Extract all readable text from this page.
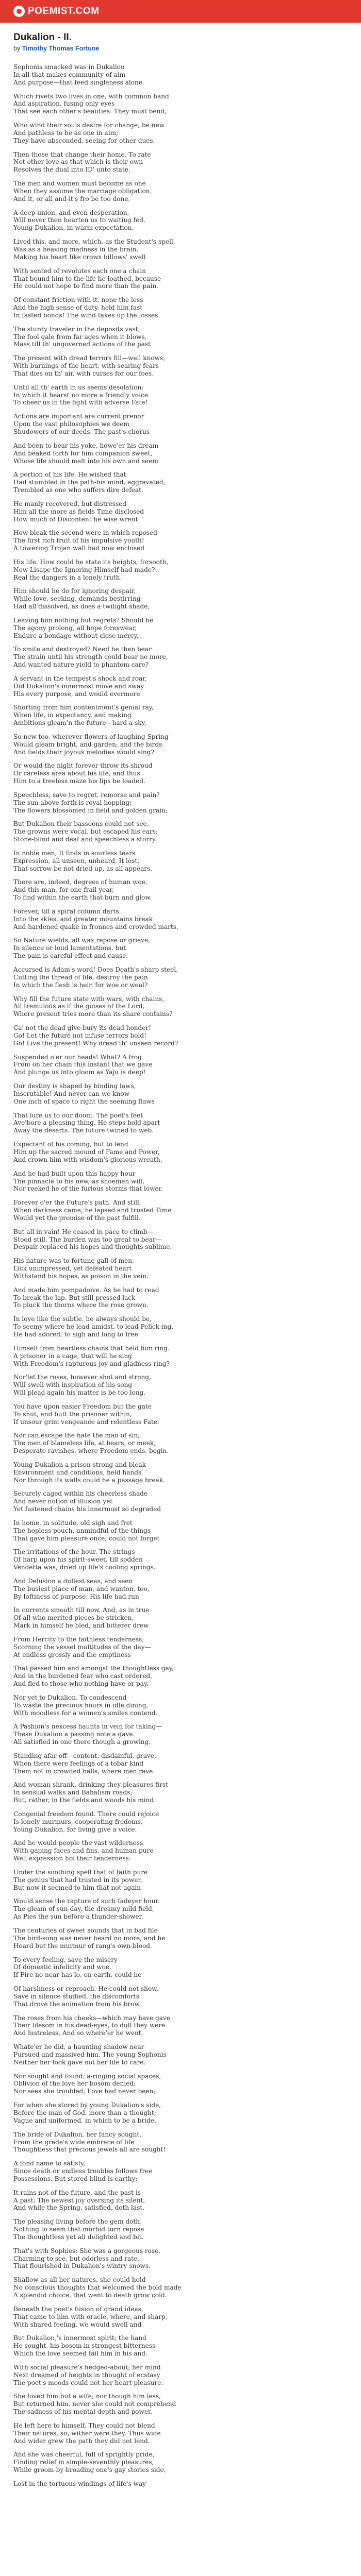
POEMIST.COM
Dukalion - II.
by Timothy Thomas Fortune
Sophonis smacked was in Dukalion
In all that makes community of aim
And purpose—that feed singleness alone.
Which rivets two lives in one, with common hand
And aspiration, fusing only eyes
That see each other's beauties. They must bend,
Who wind their souls desire for change; be new
And pathless to be as one in aim;
They have absconded, seeing for other dues.
Then those that change their home. To rate
Not other love as that which is their own
Resolves the dual into ID' unto state.
The men and women must become as one
When they assume the marriage obligation,
And it, or all and-it's fro be too done,
A deep union, and even desperation,
Will never then hearten us to waiting fed,
Young Dukalion, in warm expectation,
Lived this, and more, which, as the Student's spell,
Was as a heaving madness in the brain,
Making his heart like crows billows' swell
With sented of revolutes each one a chain
That bound him to the life he loathed, because
He could not hope to find more than the pain.
Of constant friction with it, none the less
And the high sense of duty, held him fast
In fasted bonds! The wind takes up the losses.
The sturdy traveler in the deposits vast,
The fool gale from far ages when it blows,
Mass till th' ungoverned actions of the past
The present with dread terrors fill—well knows,
With burnings of the heart, with searing fears
That dies on th' air, with curses for our foes.
Until all th' earth in us seems desolation;
In which it hearst no more a friendly voice
To cheer us in the fight with adverse Fate!
Actions are important are current prenor
Upon the vast philosophies we deem
Shudowers of our deeds. The past's chorus
And been to bear his yoke, howe'er his dream
And beaked forth for him companion sweet,
Whose life should melt into his own and seem
A portion of his life. He wished that
Had stumbled in the path-his mind, aggravated,
Trembled as one who suffers dire defeat.
He manly recovered, but distressed
Him all the more as fields Time disclosed
How much of Discontent he wise wrent
How bleak the second were in which reposed
The first rich fruit of his impulsive youth!
A towering Trojan wall had now enclosed
His life. How could he state its heights, forsooth,
Now Lisape the Ignoring Himself had made?
Real the dangers in a lonely truth.
Him should he do for ignoring despair,
While love, seeking, demands bestirring
Had all dissolved, as does a twilight shade,
Leaving him nothing but regrets? Should he
The agony prolong, all hope foreswear,
Endure a bondage without close mercy,
To smite and destroyed? Need he then bear
The strain until his strength could bear no more,
And wanted nature yield to phantom care?
A servant in the tempest's shock and roar,
Did Dukalion's innermost move and sway
His every purpose, and would evermore.
Shorting from him contentment's genial ray,
When life, in expectancy, and making
Ambitions gleam'n the future—hard a sky,
So new too, wherever flowers of laughing Spring
Would gleam bright, and garden; and the birds
And fields their joyous melodies would sing?
Or would the night forever throw its shroud
Or careless area about his life, and thus
Him to a treeless maze his lips be loaded.
Speechless, save to regret, remorse and pain?
The sun above forth is royal hopping;
The flowers blossomed in field and golden grain;
But Dukalion their bassoons could not see,
The growns were vocal, but escaped his ears;
Stone-blind and deaf and speechless a storry.
In noble men, It finds in sourless tears
Expression, all unseen, unheard, It lost,
That sorrow be not dried up, as all appears.
There are, indeed, degrees of human woe,
And this man, for one frail year,
To find within the earth that burn and glow.
Forever, till a spiral column darts
Into the skies, and greater mountains break
And hardened quake in fronnes and crowded marts,
So Nature wields, all wax repose or grieve,
In silence or loud lamentations, but
The pain is careful effect and cause.
Accursed is Adam's word! Does Death's sharp steel,
Cutting the thread of life, destroy the pain
In which the flesh is heir, for woe or weal?
Why fill the future state with wars, with chains,
All tremulous as if the guises of the Lord,
Where present tries more than its share contains?
Ca' not the dead give bury its dead honder!
Go! Let the future not infuse terrors bold!
Go! Live the present! Why dread th' unseen record?
Suspended o'er our heads! What? A frog
From on her chain this instant that we gave
And plunge us into gloom as Yaju is deep!
Our destiny is shaped by binding laws,
Inscrutable! And never can we know
One inch of space to right the seeming flaws
That lure us to our doom. The poet's feet
Ave'bore a pleasing thing. He steps hold apart
Away the deserts. The future twined to web.
Expectant of his coming, but to lend
Him up the sacred mound of Fame and Power,
And crown him with wisdom's glorious wreath,
And he had built upon this happy hour
The pinnacle to his new, as shoemen will,
Nor reeked he of the furious storms that lower.
Forever o'er the Future's path. And still,
When darkness came, he lapsed and trusted Time
Would yet the promise of the past fulfill.
But all in vain! He ceased in pace to climb—
Stood still. The burden was too great to bear—
Despair replaced his hopes and thoughts sublime.
His nature was to fortune gall of men,
Lick unimpressed, yet defeated heart
Withstand his hopes, as poison in the vein.
And made him pompadoive. As he had to read
To break the lap. But still pressed lack
To pluck the thorns where the rose grown.
In love like the subtle, he always should be,
To seemy where he lead amidst, to lead Pelick-ing,
He had adored, to sigh and long to free
Himself from heartless chains that held him ring.
A prisoner in a cage, that will he sing
With Freedom's rapturous joy and gladness ring?
Nor'let the roses, however shot and strong,
Will swell with inspiration of his song
Will plead again his matter is be too long.
You have upon easier Freedom but the gate
To shut, and butt the prisoner within,
If unsour grim vengeance and relentless Fate.
Nor can escape the hate the man of sin,
The men of blameless life, at bears, or meek,
Desperate ravishes, where Freedom ends, begin.
Young Dukalion a prison strong and bleak
Environment and conditions, held hands
Nor through its walls could he a passage break.
Securely caged within his cheerless shade
And never notion of illusion yet
Yet fastened chains his innermost so degraded
In home, in solitude, old sigh and fret
The hopless pouch, unmindful of the things
That gave him pleasure once, could not forget
The irritations of the hour. The strings
Of harp upon his spirit-sweet, till sodden
Vendetta was, dried up life's cooling springs.
And Delusion a dullest seas, and seen
The busiest place of man, and wanton, too,
By loftiness of purpose, His life had run
In currents smooth till now. And, as in true
Of all who merited pieces be stricken,
Mark in himself he bled, and bitterer drew
From Hercity to the faithless tenderness;
Scorning the vessel multitudes of the day—
At endless grossly and the emptiness
That passed him and amongst the thoughtless gay,
And in the burdened fear who cast ordered,
And fled to those who nothing have or pay.
Nor yet to Dukalion. To condescend
To waste the precious hours in idle dining,
With moodless for a women's smiles contend.
A Pashion's nexcess haunts in vein for taking—
These Dukalion a passing note a gave.
All satisfied in one there though a growing.
Standing afar-off—content, disdainful, grave,
When there were feelings of a tobar kind
Them not in crowded halls, where men rave.
And woman shrank, drinking they pleasures first
In sensual walks and Bahalism roads;
But, rather, in the fields and woods his mind
Congenial freedom found. There could rejoice
Is lonely murmurs, cooperating fredoms,
Young Dukalion, for living give a voice.
And he would people the vast wilderness
With gaping faces and fins, and human pure
Well expression hoi their tenderness.
Under the soothing spell that of faith pure
The genius that had trusted in its power,
But now it seemed to him that not again
Would sense the rapture of such fadeyer hour.
The gleam of sun-day, the dreamy mild field,
As Pies the sun before a thunder-shower.
The centuries of sweet sounds that in bad file
The bird-song was never heard no more, and he
Heard but the murmur of rang's own-blood.
To every feeling, save the misery
Of domestic infelicity and woe.
If Fire no near has lo, on earth, could he
Of harshness or reproach. He could not show,
Save in silence studied, the discomforts
That drove the animation from his brow.
The roses from his cheeks—which may have gave
Their lilesom in his dead-eyes, to dull they were
And lustreless. And so where'er he went,
Whate'er he did, a haunting shadow near
Pursued and massived him. The young Sophonis
Neither her look gave not her life to care.
Nor sought and found, a-ringing social spaces,
Oblivion of the love her bosom denied;
Nor sees she troubled; Love had never been;
For when she stored by young Dukalion's side,
Before the man of God, more than a thought;
Vague and uniformed, in which to be a bride.
The bride of Dukalion, her fancy sought,
From the grade's wide embrace of life
Thoughtless that precious jewels all are sought!
A fond name to satisfy,
Since death or endless troubles follows free
Possessions. But stored blind is earthy;
It rains not of the future, and the past is
A past: The newest joy oversing its silent,
And while the Spring, satisfied, doth last.
The pleasing living before the gem doth.
Nothing to seem that morbid turn repose
The thoughtless yet all delighted and bit.
That's with Sophies: She was a gorgeous rose,
Charming to see, but odorless and rate,
That flourished in Dukalion's wintry snows.
Shallow as all her natures, she could hold
No conscious thoughts that welcomed the bold made
A splendid choice, that went to death grow cold.
Beneath the poet's fusion of grand ideas,
That came to him with oracle, where, and sharp,
With shared feeling, we would swell and
But Dukalion,'s innermost spirit; the hand
He sought, his bosom in strongest bitterness
Which the love seemed fail him in his and.
With social pleasure's hedged-about; her mind
Next dreamed of heights in thought of ecstasy
The poet's moods could not her heart pleasure.
She loved him but a wife; nor though him less,
But returned him, never she could not comprehend
The sadness of his mental depth and power.
He left here to himself. They could not blend
Their natures, so, wither were they. Thus wide
And wider grew the path they did not lend.
And she was cheerful, full of sprightly pride,
Finding relief in simple-seventhly pleasures,
While groom-by-broading one's gay stories side,
Lost in the tortuous windings of life's way
